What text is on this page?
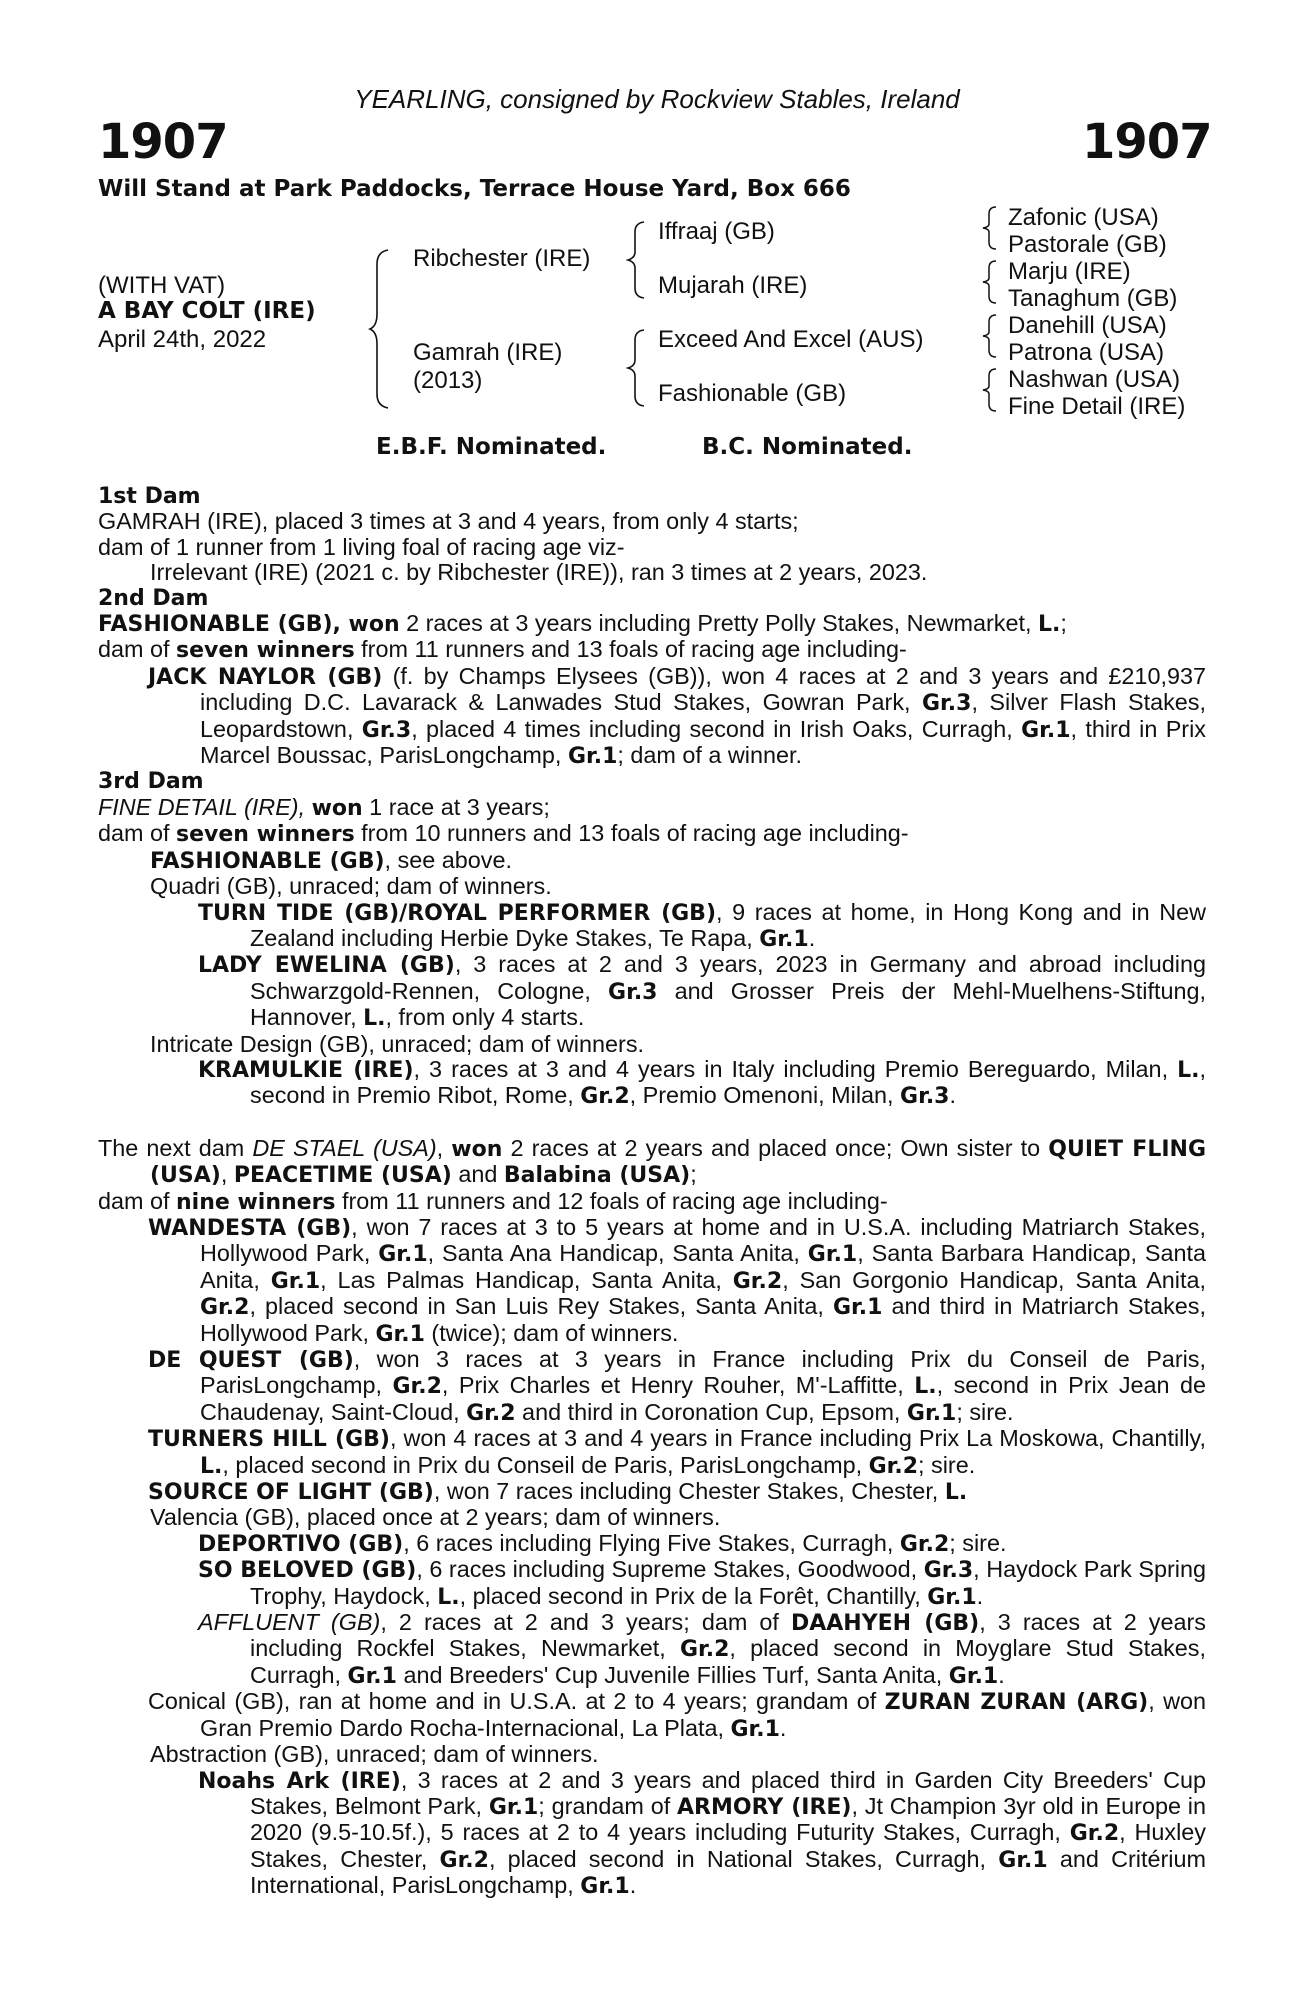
YEARLING, consigned by Rockview Stables, Ireland
1907	1907
Will Stand at Park Paddocks, Terrace House Yard, Box 666
(WITH VAT)
A BAY COLT (IRE)
April 24th, 2022
Ribchester (IRE)
Gamrah (IRE)
(2013)
Iffraaj (GB)
Mujarah (IRE)
Exceed And Excel (AUS)
Fashionable (GB)
Zafonic (USA)
Pastorale (GB)
Marju (IRE)
Tanaghum (GB)
Danehill (USA)
Patrona (USA)
Nashwan (USA)
Fine Detail (IRE)
E.B.F. Nominated.	B.C. Nominated.

1st Dam

GAMRAH (IRE), placed 3 times at 3 and 4 years, from only 4 starts;

dam of 1 runner from 1 living foal of racing age viz-

Irrelevant (IRE) (2021 c. by Ribchester (IRE)), ran 3 times at 2 years, 2023.

2nd Dam

FASHIONABLE (GB), won 2 races at 3 years including Pretty Polly Stakes, Newmarket, L.;

dam of seven winners from 11 runners and 13 foals of racing age including-

JACK NAYLOR (GB) (f. by Champs Elysees (GB)), won 4 races at 2 and 3 years and £210,937 including D.C. Lavarack & Lanwades Stud Stakes, Gowran Park, Gr.3, Silver Flash Stakes, Leopardstown, Gr.3, placed 4 times including second in Irish Oaks, Curragh, Gr.1, third in Prix Marcel Boussac, ParisLongchamp, Gr.1; dam of a winner.

3rd Dam

FINE DETAIL (IRE), won 1 race at 3 years;

dam of seven winners from 10 runners and 13 foals of racing age including-

FASHIONABLE (GB), see above.

Quadri (GB), unraced; dam of winners.

TURN TIDE (GB)/ROYAL PERFORMER (GB), 9 races at home, in Hong Kong and in New Zealand including Herbie Dyke Stakes, Te Rapa, Gr.1.

LADY EWELINA (GB), 3 races at 2 and 3 years, 2023 in Germany and abroad including Schwarzgold-Rennen, Cologne, Gr.3 and Grosser Preis der Mehl-Muelhens-Stiftung, Hannover, L., from only 4 starts.

Intricate Design (GB), unraced; dam of winners.

KRAMULKIE (IRE), 3 races at 3 and 4 years in Italy including Premio Bereguardo, Milan, L., second in Premio Ribot, Rome, Gr.2, Premio Omenoni, Milan, Gr.3.

The next dam DE STAEL (USA), won 2 races at 2 years and placed once; Own sister to QUIET FLING (USA), PEACETIME (USA) and Balabina (USA);

dam of nine winners from 11 runners and 12 foals of racing age including-

WANDESTA (GB), won 7 races at 3 to 5 years at home and in U.S.A. including Matriarch Stakes, Hollywood Park, Gr.1, Santa Ana Handicap, Santa Anita, Gr.1, Santa Barbara Handicap, Santa Anita, Gr.1, Las Palmas Handicap, Santa Anita, Gr.2, San Gorgonio Handicap, Santa Anita, Gr.2, placed second in San Luis Rey Stakes, Santa Anita, Gr.1 and third in Matriarch Stakes, Hollywood Park, Gr.1 (twice); dam of winners.

DE QUEST (GB), won 3 races at 3 years in France including Prix du Conseil de Paris, ParisLongchamp, Gr.2, Prix Charles et Henry Rouher, M'-Laffitte, L., second in Prix Jean de Chaudenay, Saint-Cloud, Gr.2 and third in Coronation Cup, Epsom, Gr.1; sire.

TURNERS HILL (GB), won 4 races at 3 and 4 years in France including Prix La Moskowa, Chantilly, L., placed second in Prix du Conseil de Paris, ParisLongchamp, Gr.2; sire.

SOURCE OF LIGHT (GB), won 7 races including Chester Stakes, Chester, L.

Valencia (GB), placed once at 2 years; dam of winners.

DEPORTIVO (GB), 6 races including Flying Five Stakes, Curragh, Gr.2; sire.

SO BELOVED (GB), 6 races including Supreme Stakes, Goodwood, Gr.3, Haydock Park Spring Trophy, Haydock, L., placed second in Prix de la Forêt, Chantilly, Gr.1.

AFFLUENT (GB), 2 races at 2 and 3 years; dam of DAAHYEH (GB), 3 races at 2 years including Rockfel Stakes, Newmarket, Gr.2, placed second in Moyglare Stud Stakes, Curragh, Gr.1 and Breeders' Cup Juvenile Fillies Turf, Santa Anita, Gr.1.

Conical (GB), ran at home and in U.S.A. at 2 to 4 years; grandam of ZURAN ZURAN (ARG), won Gran Premio Dardo Rocha-Internacional, La Plata, Gr.1.

Abstraction (GB), unraced; dam of winners.

Noahs Ark (IRE), 3 races at 2 and 3 years and placed third in Garden City Breeders' Cup Stakes, Belmont Park, Gr.1; grandam of ARMORY (IRE), Jt Champion 3yr old in Europe in 2020 (9.5-10.5f.), 5 races at 2 to 4 years including Futurity Stakes, Curragh, Gr.2, Huxley Stakes, Chester, Gr.2, placed second in National Stakes, Curragh, Gr.1 and Critérium International, ParisLongchamp, Gr.1.
